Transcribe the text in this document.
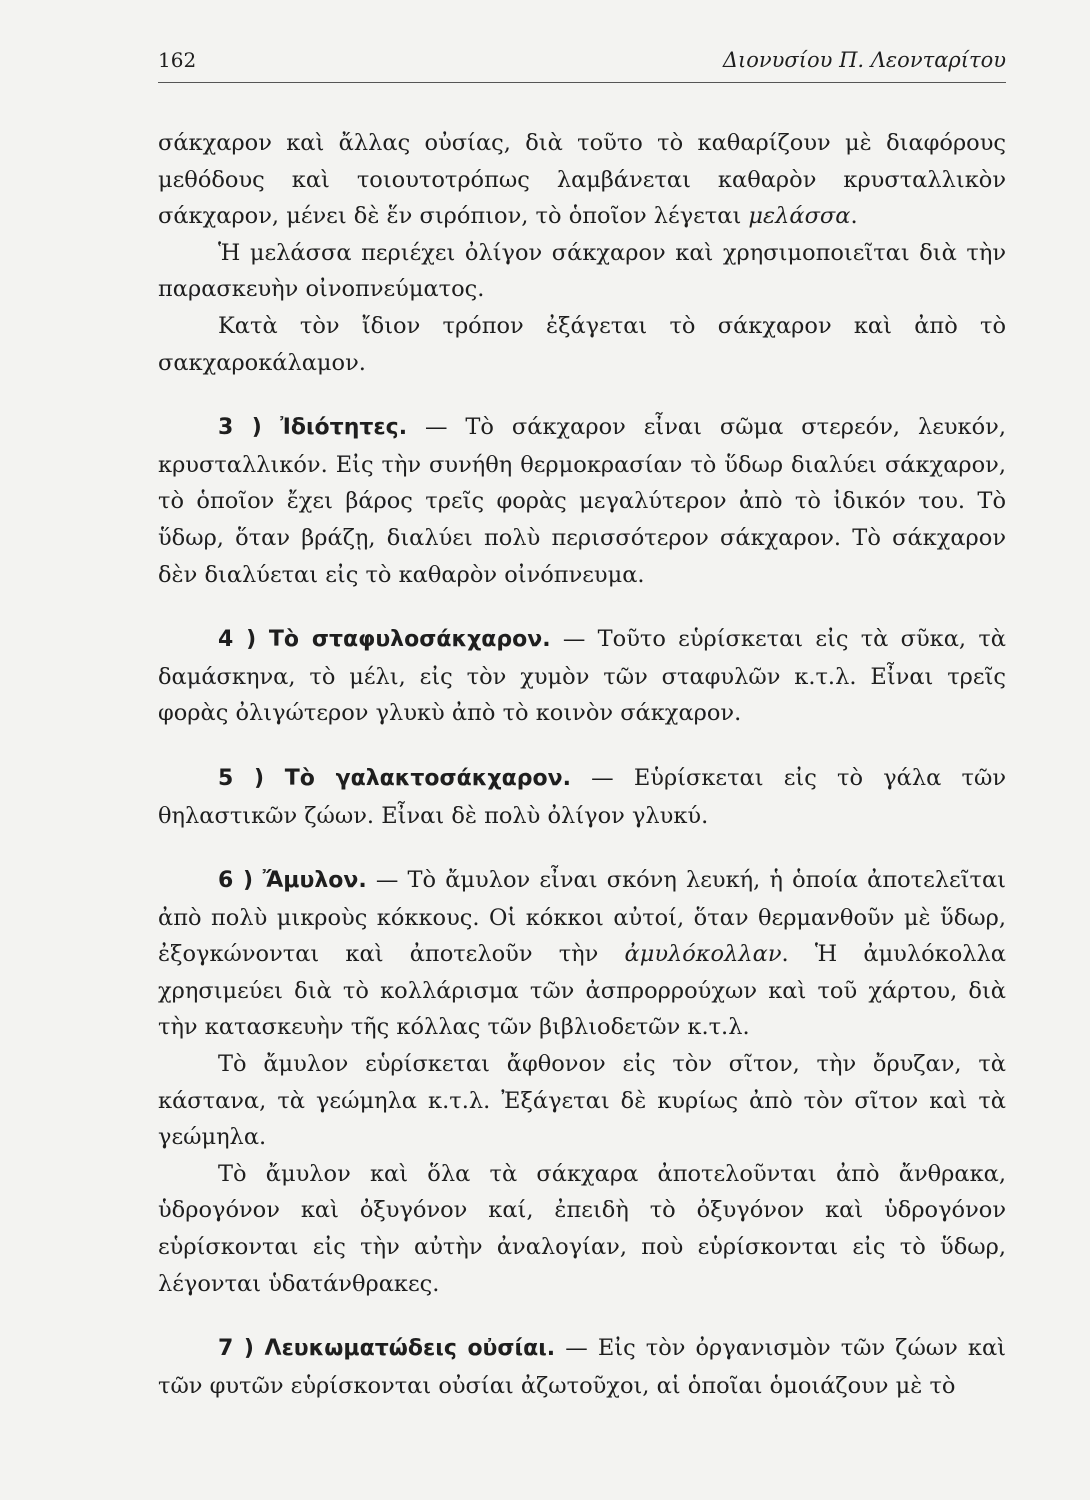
162	Διονυσίου Π. Λεονταρίτου

σάκχαρον καὶ ἄλλας οὐσίας, διὰ τοῦτο τὸ καθαρίζουν μὲ διαφόρους μεθόδους καὶ τοιουτοτρόπως λαμβάνεται καθαρὸν κρυσταλλικὸν σάκχαρον, μένει δὲ ἕν σιρόπιον, τὸ ὁποῖον λέγεται μελάσσα.

Ἡ μελάσσα περιέχει ὀλίγον σάκχαρον καὶ χρησιμοποιεῖται διὰ τὴν παρασκευὴν οἰνοπνεύματος.

Κατὰ τὸν ἴδιον τρόπον ἐξάγεται τὸ σάκχαρον καὶ ἀπὸ τὸ σακχαροκάλαμον.

3 ) Ἰδιότητες. — Τὸ σάκχαρον εἶναι σῶμα στερεόν, λευκόν, κρυσταλλικόν. Εἰς τὴν συνήθη θερμοκρασίαν τὸ ὕδωρ διαλύει σάκχαρον, τὸ ὁποῖον ἔχει βάρος τρεῖς φορὰς μεγαλύτερον ἀπὸ τὸ ἰδικόν του. Τὸ ὕδωρ, ὅταν βράζῃ, διαλύει πολὺ περισσότερον σάκχαρον. Τὸ σάκχαρον δὲν διαλύεται εἰς τὸ καθαρὸν οἰνόπνευμα.

4 ) Τὸ σταφυλοσάκχαρον. — Τοῦτο εὑρίσκεται εἰς τὰ σῦκα, τὰ δαμάσκηνα, τὸ μέλι, εἰς τὸν χυμὸν τῶν σταφυλῶν κ.τ.λ. Εἶναι τρεῖς φορὰς ὀλιγώτερον γλυκὺ ἀπὸ τὸ κοινὸν σάκχαρον.

5 ) Τὸ γαλακτοσάκχαρον. — Εὑρίσκεται εἰς τὸ γάλα τῶν θηλαστικῶν ζώων. Εἶναι δὲ πολὺ ὀλίγον γλυκύ.

6 ) Ἄμυλον. — Τὸ ἄμυλον εἶναι σκόνη λευκή, ἡ ὁποία ἀποτελεῖται ἀπὸ πολὺ μικροὺς κόκκους. Οἱ κόκκοι αὐτοί, ὅταν θερμανθοῦν μὲ ὕδωρ, ἐξογκώνονται καὶ ἀποτελοῦν τὴν ἀμυλόκολλαν. Ἡ ἀμυλόκολλα χρησιμεύει διὰ τὸ κολλάρισμα τῶν ἀσπρορρούχων καὶ τοῦ χάρτου, διὰ τὴν κατασκευὴν τῆς κόλλας τῶν βιβλιοδετῶν κ.τ.λ.

Τὸ ἄμυλον εὑρίσκεται ἄφθονον εἰς τὸν σῖτον, τὴν ὄρυζαν, τὰ κάστανα, τὰ γεώμηλα κ.τ.λ. Ἐξάγεται δὲ κυρίως ἀπὸ τὸν σῖτον καὶ τὰ γεώμηλα.

Τὸ ἄμυλον καὶ ὅλα τὰ σάκχαρα ἀποτελοῦνται ἀπὸ ἄνθρακα, ὑδρογόνον καὶ ὀξυγόνον καί, ἐπειδὴ τὸ ὀξυγόνον καὶ ὑδρογόνον εὑρίσκονται εἰς τὴν αὐτὴν ἀναλογίαν, ποὺ εὑρίσκονται εἰς τὸ ὕδωρ, λέγονται ὑδατάνθρακες.

7 ) Λευκωματώδεις οὐσίαι. — Εἰς τὸν ὀργανισμὸν τῶν ζώων καὶ τῶν φυτῶν εὑρίσκονται οὐσίαι ἀζωτοῦχοι, αἱ ὁποῖαι ὁμοιάζουν μὲ τὸ
